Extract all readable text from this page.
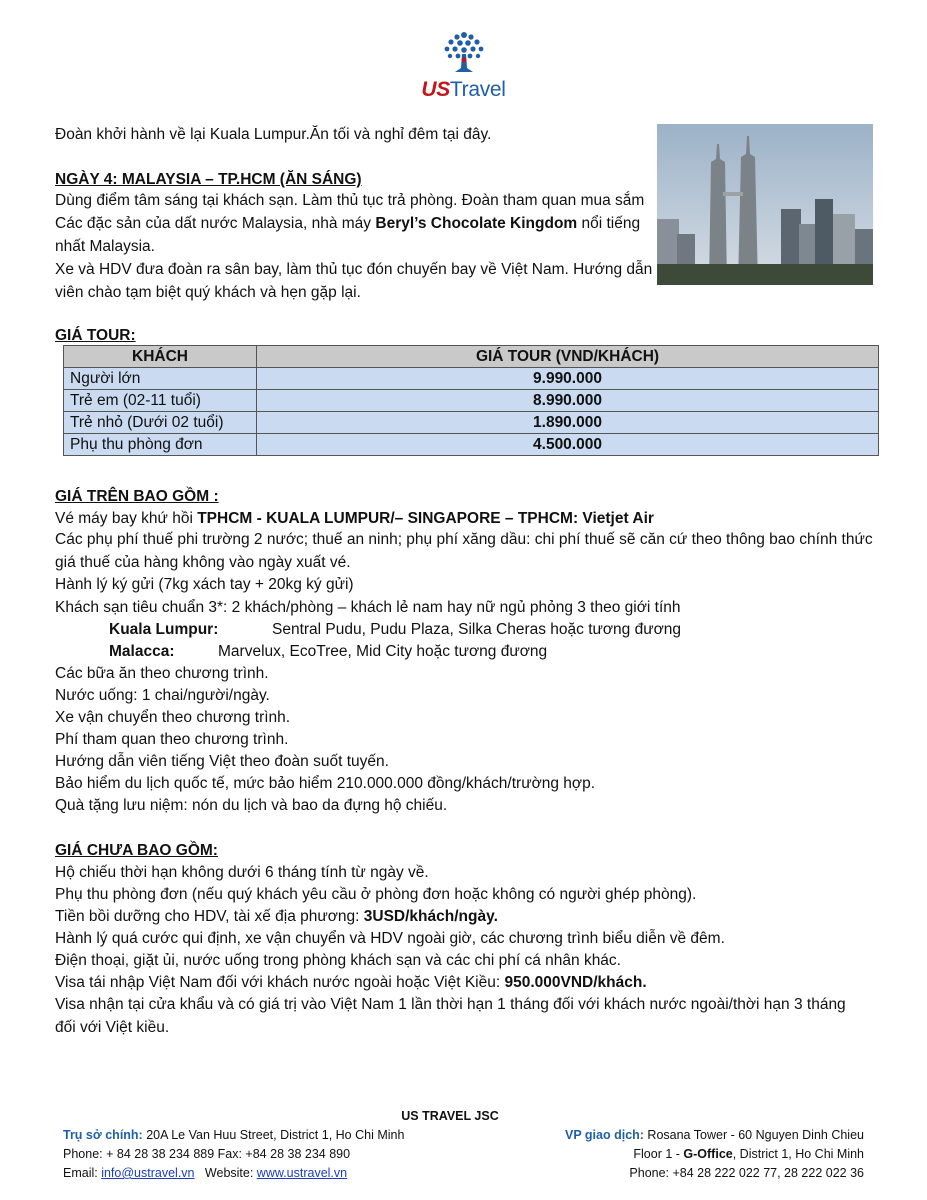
USTravel
Đoàn khởi hành về lại Kuala Lumpur.Ăn tối và nghỉ đêm tại đây.
NGÀY 4: MALAYSIA – TP.HCM (ĂN SÁNG)
Dùng điểm tâm sáng tại khách sạn. Làm thủ tục trả phòng. Đoàn tham quan mua sắm Các đặc sản của dất nước Malaysia, nhà máy Beryl’s Chocolate Kingdom nổi tiếng nhất Malaysia.
Xe và HDV đưa đoàn ra sân bay, làm thủ tục đón chuyến bay về Việt Nam. Hướng dẫn viên chào tạm biệt quý khách và hẹn gặp lại.
GIÁ TOUR:
KHÁCH	GIÁ TOUR (VND/KHÁCH)
Người lớn	9.990.000
Trẻ em (02-11 tuổi)	8.990.000
Trẻ nhỏ (Dưới 02 tuổi)	1.890.000
Phụ thu phòng đơn	4.500.000
GIÁ TRÊN BAO GỒM :
Vé máy bay khứ hồi TPHCM - KUALA LUMPUR/– SINGAPORE – TPHCM: Vietjet Air
Các phụ phí thuế phi trường 2 nước; thuế an ninh; phụ phí xăng dầu: chi phí thuế sẽ căn cứ theo thông bao chính thức giá thuế của hàng không vào ngày xuất vé.
Hành lý ký gửi (7kg xách tay + 20kg ký gửi)
Khách sạn tiêu chuẩn 3*: 2 khách/phòng – khách lẻ nam hay nữ ngủ phỏng 3 theo giới tính
Kuala Lumpur:	Sentral Pudu, Pudu Plaza, Silka Cheras hoặc tương đương
Malacca:	Marvelux, EcoTree, Mid City hoặc tương đương
Các bữa ăn theo chương trình.
Nước uống: 1 chai/người/ngày.
Xe vận chuyển theo chương trình.
Phí tham quan theo chương trình.
Hướng dẫn viên tiếng Việt theo đoàn suốt tuyến.
Bảo hiểm du lịch quốc tế, mức bảo hiểm 210.000.000 đồng/khách/trường hợp.
Quà tặng lưu niệm: nón du lịch và bao da đựng hộ chiếu.
GIÁ CHƯA BAO GỒM:
Hộ chiếu thời hạn không dưới 6 tháng tính từ ngày về.
Phụ thu phòng đơn (nếu quý khách yêu cầu ở phòng đơn hoặc không có người ghép phòng).
Tiền bồi dưỡng cho HDV, tài xế địa phương: 3USD/khách/ngày.
Hành lý quá cước qui định, xe vận chuyển và HDV ngoài giờ, các chương trình biểu diễn về đêm.
Điện thoại, giặt ủi, nước uống trong phòng khách sạn và các chi phí cá nhân khác.
Visa tái nhập Việt Nam đối với khách nước ngoài hoặc Việt Kiều: 950.000VND/khách.
Visa nhận tại cửa khẩu và có giá trị vào Việt Nam 1 lần thời hạn 1 tháng đối với khách nước ngoài/thời hạn 3 tháng đối với Việt kiều.
US TRAVEL JSC
Trụ sở chính: 20A Le Van Huu Street, District 1, Ho Chi Minh
Phone: + 84 28 38 234 889 Fax: +84 28 38 234 890
Email: info@ustravel.vn   Website: www.ustravel.vn
VP giao dịch: Rosana Tower - 60 Nguyen Dinh Chieu
Floor 1 - G-Office, District 1, Ho Chi Minh
Phone: +84 28 222 022 77, 28 222 022 36
